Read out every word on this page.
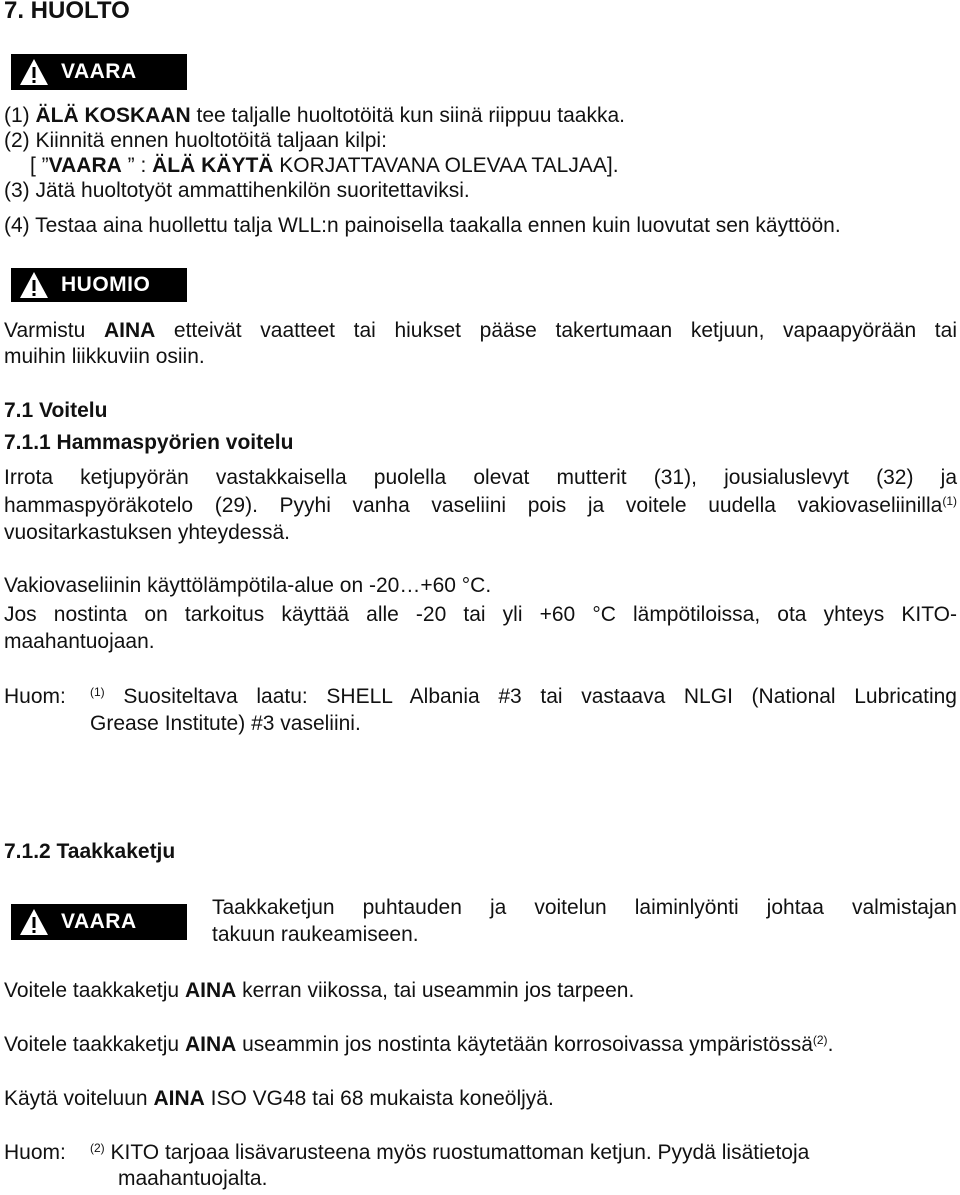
7. HUOLTO
VAARA
(1) ÄLÄ KOSKAAN tee taljalle huoltotöitä kun siinä riippuu taakka.
(2) Kiinnitä ennen huoltotöitä taljaan kilpi:
[ ”VAARA ” : ÄLÄ KÄYTÄ KORJATTAVANA OLEVAA TALJAA].
(3) Jätä huoltotyöt ammattihenkilön suoritettaviksi.
(4) Testaa aina huollettu talja WLL:n painoisella taakalla ennen kuin luovutat sen käyttöön.
HUOMIO
Varmistu AINA etteivät vaatteet tai hiukset pääse takertumaan ketjuun, vapaapyörään tai
muihin liikkuviin osiin.
7.1 Voitelu
7.1.1 Hammaspyörien voitelu
Irrota ketjupyörän vastakkaisella puolella olevat mutterit (31), jousialuslevyt (32) ja
hammaspyöräkotelo (29). Pyyhi vanha vaseliini pois ja voitele uudella vakiovaseliinilla$^{(1)}$
vuositarkastuksen yhteydessä.
Vakiovaseliinin käyttölämpötila-alue on -20…+60 °C.
Jos nostinta on tarkoitus käyttää alle -20 tai yli +60 °C lämpötiloissa, ota yhteys KITO-
maahantuojaan.
Huom: $^{(1)}$ Suositeltava laatu: SHELL Albania #3 tai vastaava NLGI (National Lubricating
Grease Institute) #3 vaseliini.
7.1.2 Taakkaketju
VAARA
Taakkaketjun puhtauden ja voitelun laiminlyönti johtaa valmistajan
takuun raukeamiseen.
Voitele taakkaketju AINA kerran viikossa, tai useammin jos tarpeen.
Voitele taakkaketju AINA useammin jos nostinta käytetään korrosoivassa ympäristössä$^{(2)}$.
Käytä voiteluun AINA ISO VG48 tai 68 mukaista koneöljyä.
Huom: $^{(2)}$ KITO tarjoaa lisävarusteena myös ruostumattoman ketjun. Pyydä lisätietoja
maahantuojalta.
